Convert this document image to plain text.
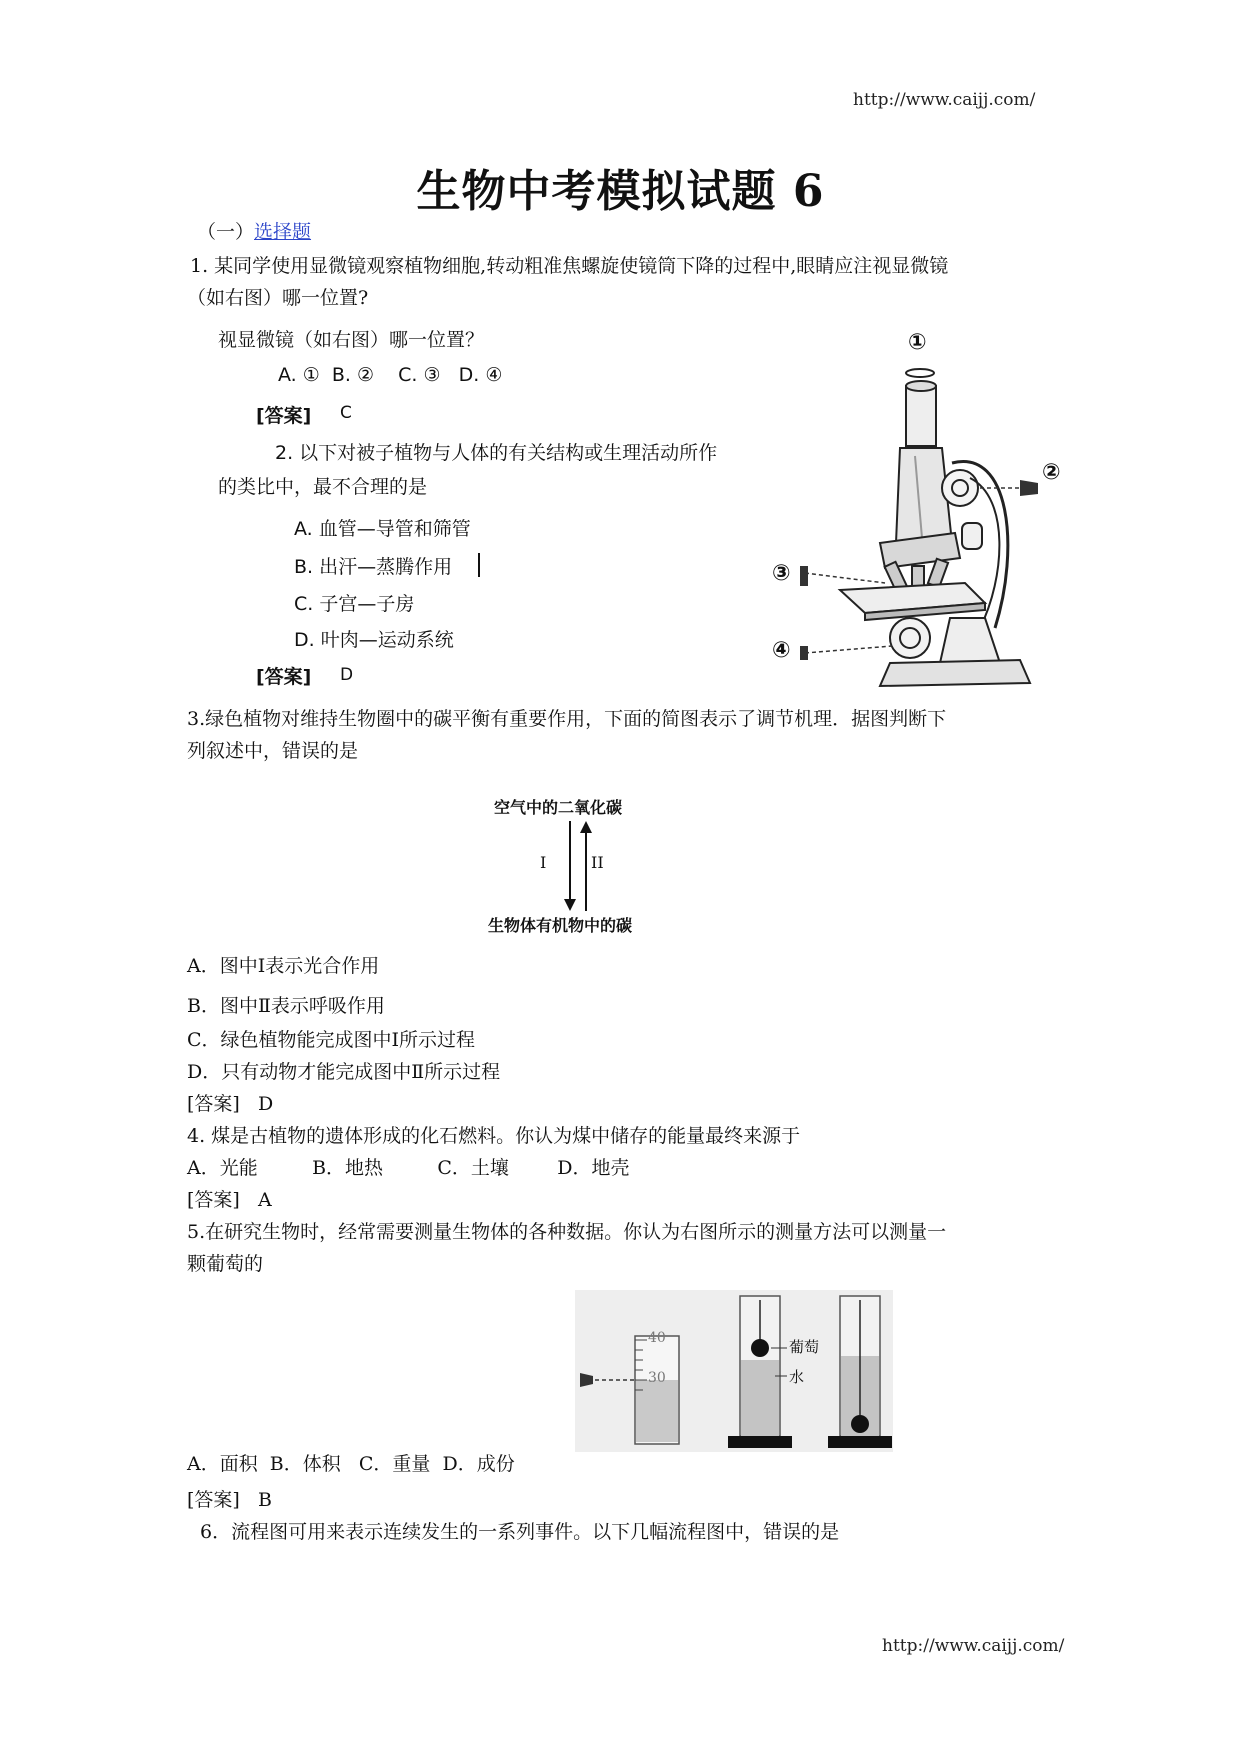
http://www.caijj.com/
http://www.caijj.com/
生物中考模拟试题 6
（一）选择题
1. 某同学使用显微镜观察植物细胞,转动粗准焦螺旋使镜筒下降的过程中,眼睛应注视显微镜
（如右图）哪一位置?
视显微镜（如右图）哪一位置？
A. ①  B. ②    C. ③   D. ④
[答案] C
2. 以下对被子植物与人体的有关结构或生理活动所作
的类比中，最不合理的是
A. 血管—导管和筛管
B. 出汗—蒸腾作用
C. 子宫—子房
D. 叶肉—运动系统
[答案] D
①
②
③
④
3.绿色植物对维持生物圈中的碳平衡有重要作用，下面的简图表示了调节机理．据图判断下
列叙述中，错误的是
空气中的二氧化碳
生物体有机物中的碳
I	II
A．图中Ⅰ表示光合作用
B．图中Ⅱ表示呼吸作用
C．绿色植物能完成图中Ⅰ所示过程
D．只有动物才能完成图中Ⅱ所示过程
[答案]   D
4. 煤是古植物的遗体形成的化石燃料。你认为煤中储存的能量最终来源于
A．光能         B．地热         C．土壤        D．地壳
[答案]   A
5.在研究生物时，经常需要测量生物体的各种数据。你认为右图所示的测量方法可以测量一
颗葡萄的
40
30
葡萄
水
A．面积  B．体积   C．重量  D．成份
[答案]   B
6．流程图可用来表示连续发生的一系列事件。以下几幅流程图中，错误的是
